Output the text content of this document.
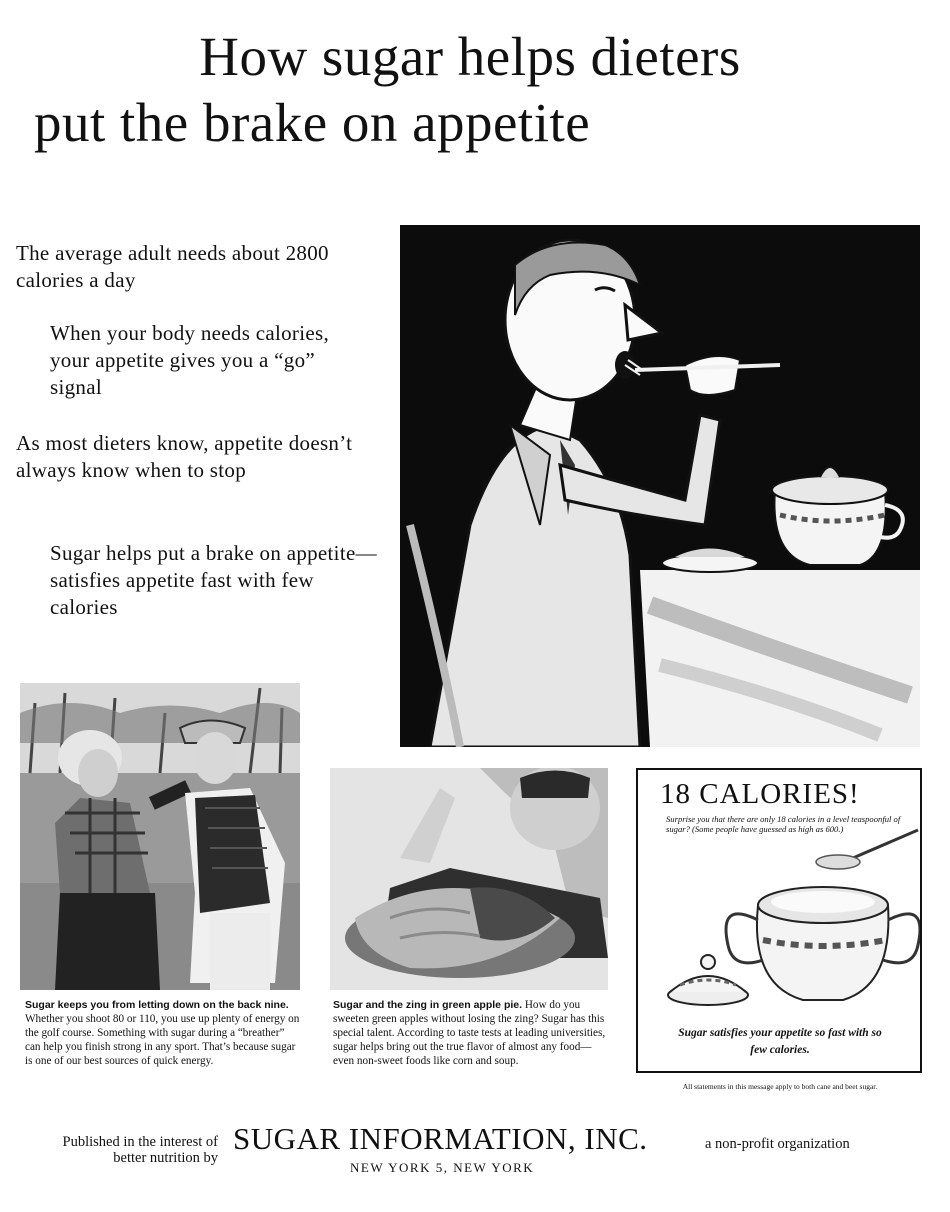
How sugar helps dieters
put the brake on appetite

The average adult needs about 2800 calories a day

When your body needs calories, your appetite gives you a “go” signal

As most dieters know, appetite doesn’t always know when to stop

Sugar helps put a brake on appetite—satisfies appetite fast with few calories

Sugar keeps you from letting down on the back nine. Whether you shoot 80 or 110, you use up plenty of energy on the golf course. Something with sugar during a “breather” can help you finish strong in any sport. That’s because sugar is one of our best sources of quick energy.

Sugar and the zing in green apple pie. How do you sweeten green apples without losing the zing? Sugar has this special talent. According to taste tests at leading universities, sugar helps bring out the true flavor of almost any food—even non-sweet foods like corn and soup.

18 CALORIES!

Surprise you that there are only 18 calories in a level teaspoonful of sugar? (Some people have guessed as high as 600.)

Sugar satisfies your appetite so fast with so few calories.

All statements in this message apply to both cane and beet sugar.

Published in the interest of better nutrition by

SUGAR INFORMATION, INC.	a non-profit organization

NEW YORK 5, NEW YORK
